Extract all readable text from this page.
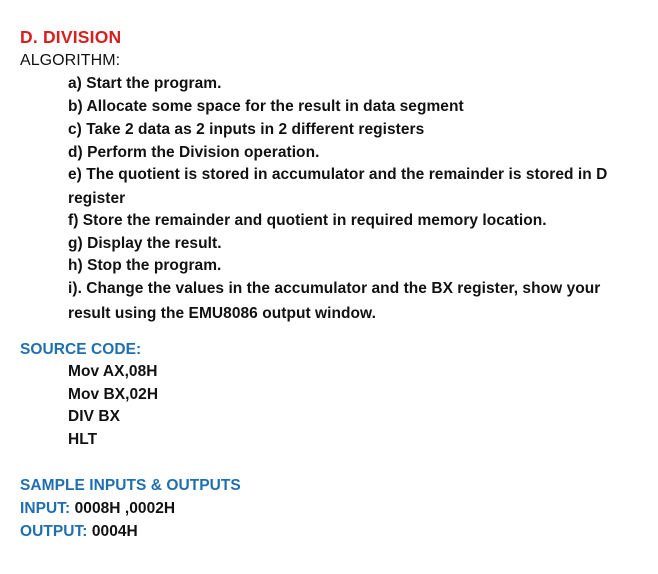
D. DIVISION
ALGORITHM:
a) Start the program.
b) Allocate some space for the result in data segment
c) Take 2 data as 2 inputs in 2 different registers
d) Perform the Division operation.
e) The quotient is stored in accumulator and the remainder is stored in D
register
f) Store the remainder and quotient in required memory location.
g) Display the result.
h) Stop the program.
i). Change the values in the accumulator and the BX register, show your
result using the EMU8086 output window.
SOURCE CODE:
Mov AX,08H
Mov BX,02H
DIV BX
HLT
SAMPLE INPUTS & OUTPUTS
INPUT: 0008H ,0002H
OUTPUT: 0004H
